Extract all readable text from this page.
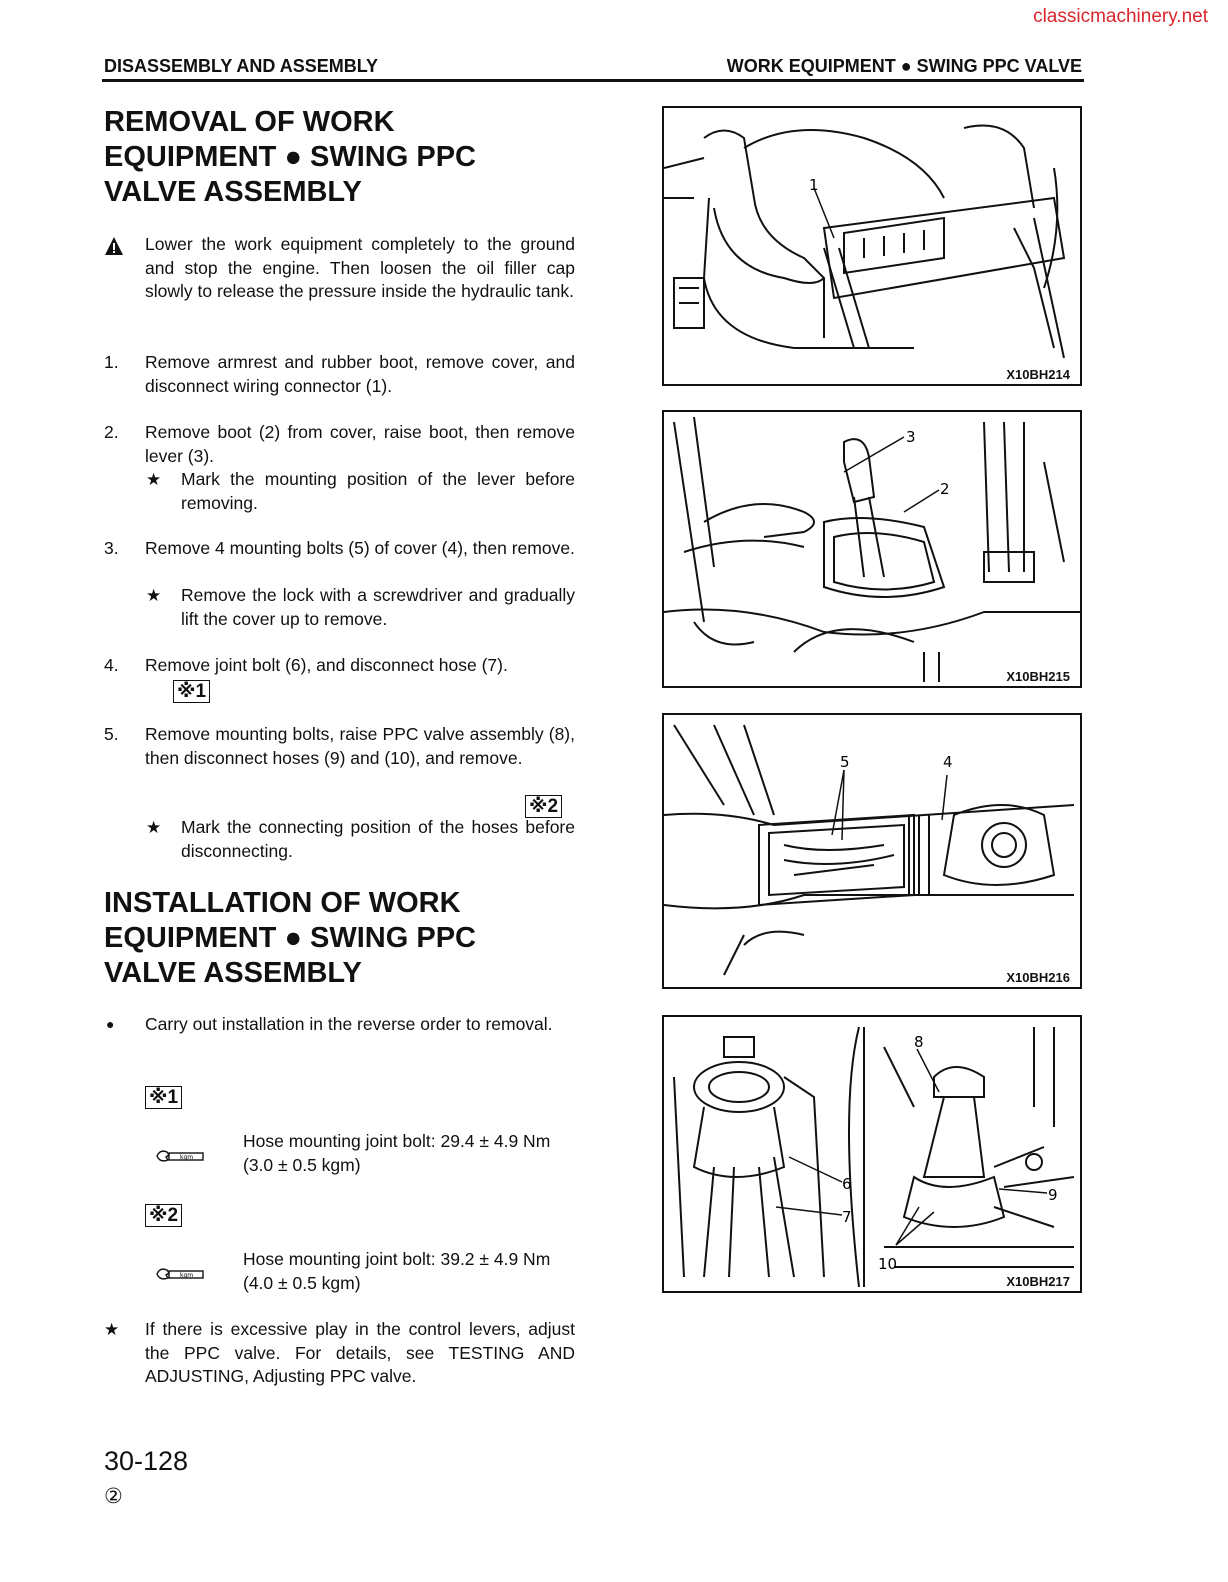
classicmachinery.net
DISASSEMBLY AND ASSEMBLY	WORK EQUIPMENT ● SWING PPC VALVE
REMOVAL OF WORK
EQUIPMENT ● SWING PPC
VALVE ASSEMBLY
Lower the work equipment completely to the ground and stop the engine. Then loosen the oil filler cap slowly to release the pressure inside the hydraulic tank.
1. Remove armrest and rubber boot, remove cover, and disconnect wiring connector (1).
2. Remove boot (2) from cover, raise boot, then remove lever (3).
★ Mark the mounting position of the lever before removing.
3. Remove 4 mounting bolts (5) of cover (4), then remove.
★ Remove the lock with a screwdriver and gradually lift the cover up to remove.
4. Remove joint bolt (6), and disconnect hose (7).
※1
5. Remove mounting bolts, raise PPC valve assembly (8), then disconnect hoses (9) and (10), and remove.
※2
★ Mark the connecting position of the hoses before disconnecting.
INSTALLATION OF WORK
EQUIPMENT ● SWING PPC
VALVE ASSEMBLY
● Carry out installation in the reverse order to removal.
※1
kgm
Hose mounting joint bolt: 29.4 ± 4.9 Nm
(3.0 ± 0.5 kgm)
※2
kgm
Hose mounting joint bolt: 39.2 ± 4.9 Nm
(4.0 ± 0.5 kgm)
★ If there is excessive play in the control levers, adjust the PPC valve. For details, see TESTING AND ADJUSTING, Adjusting PPC valve.
30-128
②
1
X10BH214
3
2
X10BH215
5	4
X10BH216
8
6
7
9
10
X10BH217
